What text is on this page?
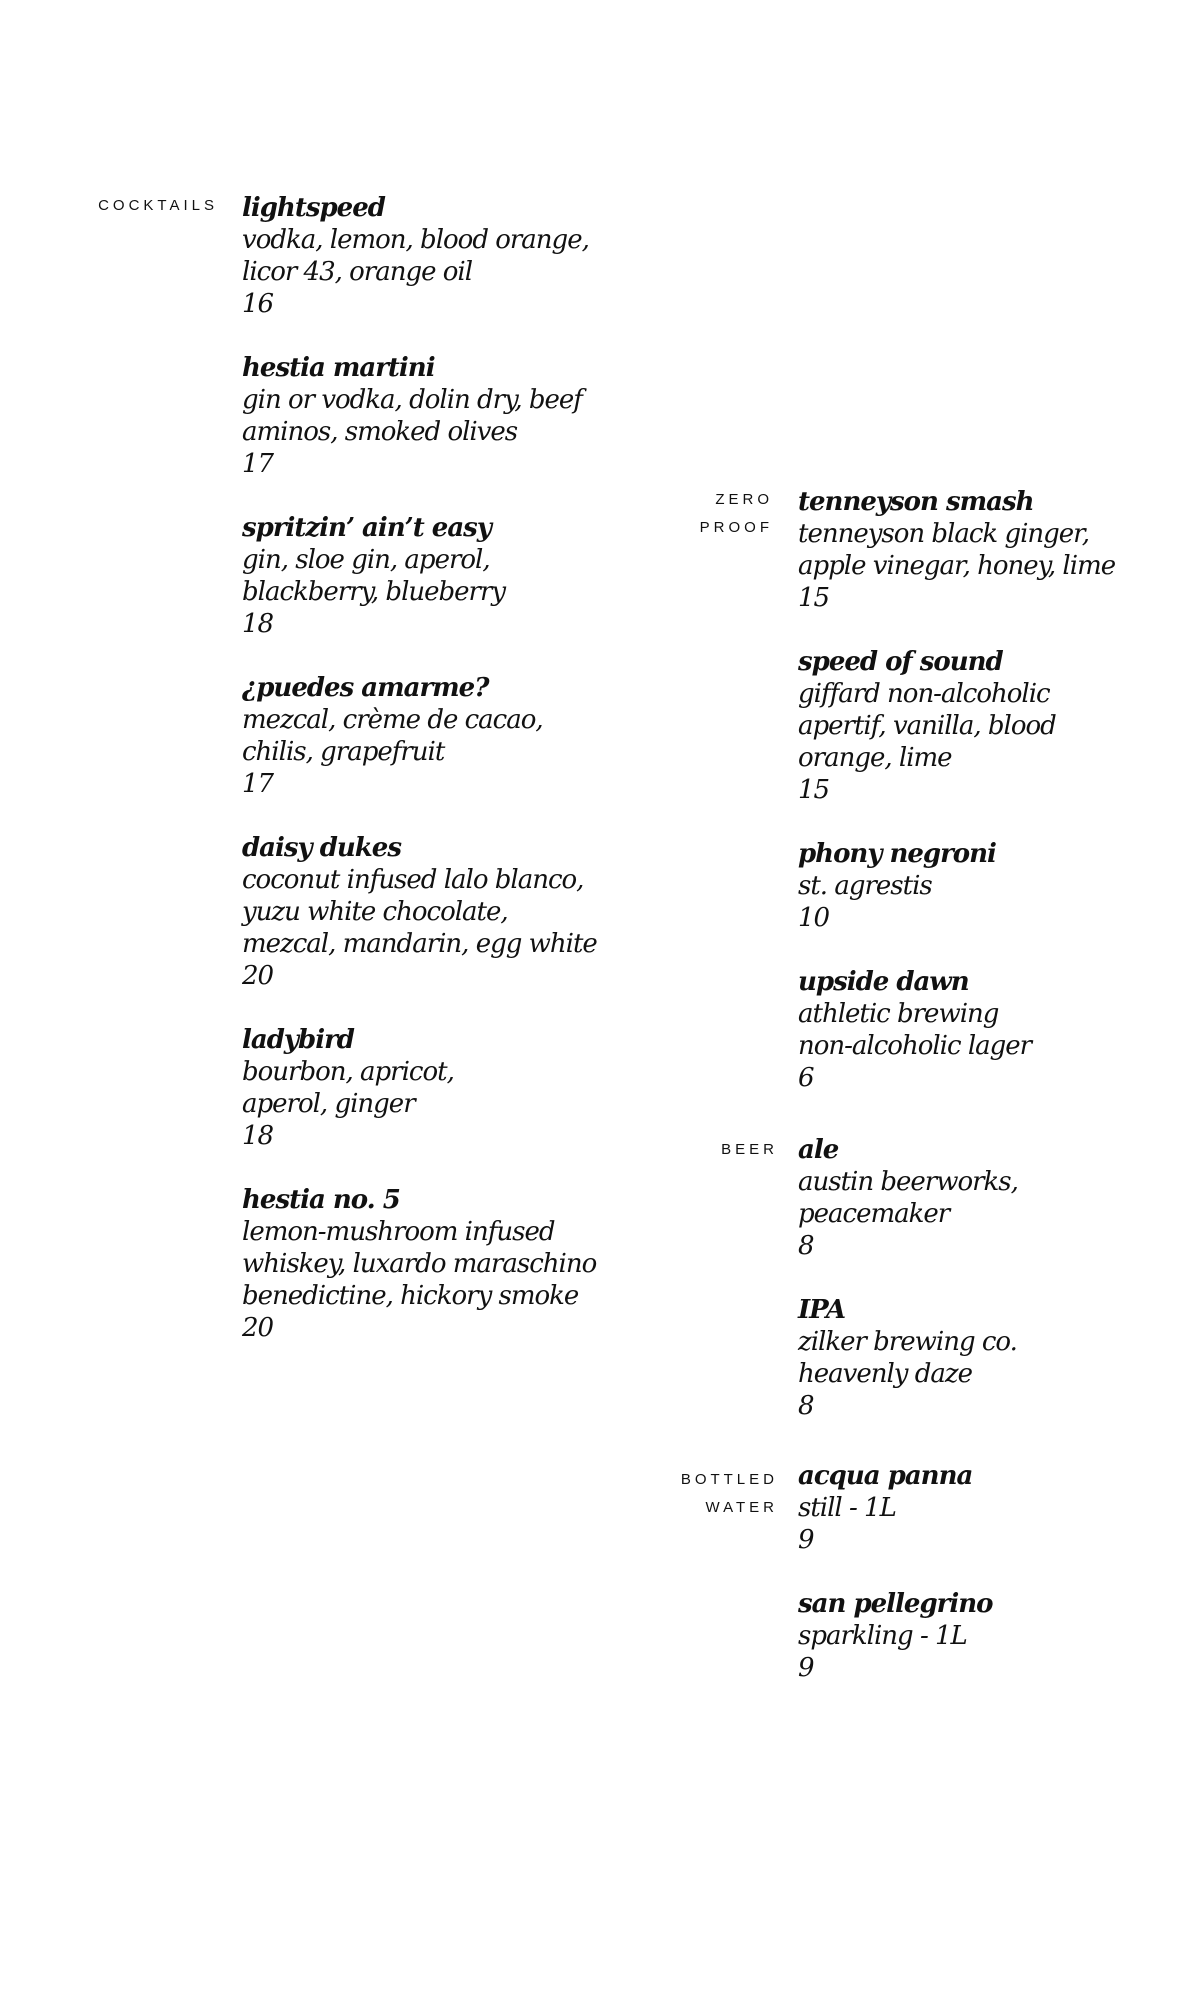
COCKTAILS lightspeed
vodka, lemon, blood orange,
licor 43, orange oil
16
hestia martini
gin or vodka, dolin dry, beef
aminos, smoked olives
17
spritzin’ ain’t easy
gin, sloe gin, aperol,
blackberry, blueberry
18
¿puedes amarme?
mezcal, crème de cacao,
chilis, grapefruit
17
daisy dukes
coconut infused lalo blanco,
yuzu white chocolate,
mezcal, mandarin, egg white
20
ladybird
bourbon, apricot,
aperol, ginger
18
hestia no. 5
lemon-mushroom infused
whiskey, luxardo maraschino
benedictine, hickory smoke
20
ZERO
PROOF
tenneyson smash
tenneyson black ginger,
apple vinegar, honey, lime
15
speed of sound
giffard non-alcoholic
apertif, vanilla, blood
orange, lime
15
phony negroni
st. agrestis
10
upside dawn
athletic brewing
non-alcoholic lager
6
BEER ale
austin beerworks,
peacemaker
8
IPA
zilker brewing co.
heavenly daze
8
BOTTLED
WATER
acqua panna
still - 1L
9
san pellegrino
sparkling - 1L
9
